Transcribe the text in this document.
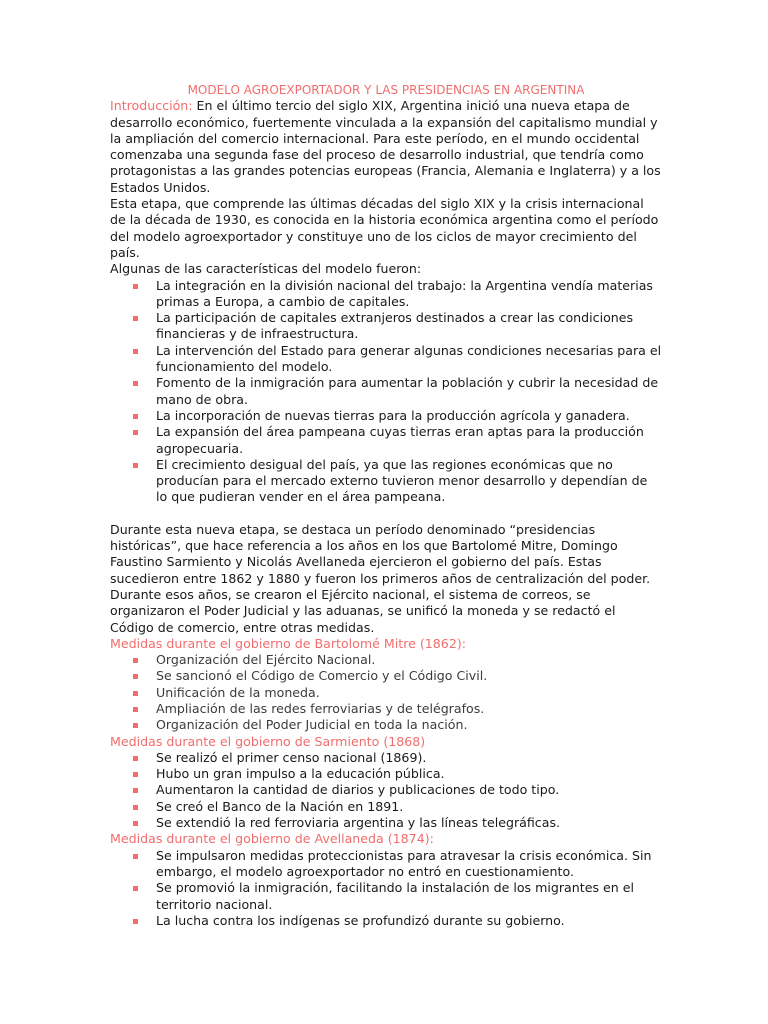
MODELO AGROEXPORTADOR Y LAS PRESIDENCIAS EN ARGENTINA

Introducción: En el último tercio del siglo XIX, Argentina inició una nueva etapa de desarrollo económico, fuertemente vinculada a la expansión del capitalismo mundial y la ampliación del comercio internacional. Para este período, en el mundo occidental comenzaba una segunda fase del proceso de desarrollo industrial, que tendría como protagonistas a las grandes potencias europeas (Francia, Alemania e Inglaterra) y a los Estados Unidos.

Esta etapa, que comprende las últimas décadas del siglo XIX y la crisis internacional de la década de 1930, es conocida en la historia económica argentina como el período del modelo agroexportador y constituye uno de los ciclos de mayor crecimiento del país.

Algunas de las características del modelo fueron:

La integración en la división nacional del trabajo: la Argentina vendía materias primas a Europa, a cambio de capitales.
La participación de capitales extranjeros destinados a crear las condiciones financieras y de infraestructura.
La intervención del Estado para generar algunas condiciones necesarias para el funcionamiento del modelo.
Fomento de la inmigración para aumentar la población y cubrir la necesidad de mano de obra.
La incorporación de nuevas tierras para la producción agrícola y ganadera.
La expansión del área pampeana cuyas tierras eran aptas para la producción agropecuaria.
El crecimiento desigual del país, ya que las regiones económicas que no producían para el mercado externo tuvieron menor desarrollo y dependían de lo que pudieran vender en el área pampeana.

Durante esta nueva etapa, se destaca un período denominado “presidencias históricas”, que hace referencia a los años en los que Bartolomé Mitre, Domingo Faustino Sarmiento y Nicolás Avellaneda ejercieron el gobierno del país. Estas sucedieron entre 1862 y 1880 y fueron los primeros años de centralización del poder. Durante esos años, se crearon el Ejército nacional, el sistema de correos, se organizaron el Poder Judicial y las aduanas, se unificó la moneda y se redactó el Código de comercio, entre otras medidas.

Medidas durante el gobierno de Bartolomé Mitre (1862):

Organización del Ejército Nacional.
Se sancionó el Código de Comercio y el Código Civil.
Unificación de la moneda.
Ampliación de las redes ferroviarias y de telégrafos.
Organización del Poder Judicial en toda la nación.

Medidas durante el gobierno de Sarmiento (1868)

Se realizó el primer censo nacional (1869).
Hubo un gran impulso a la educación pública.
Aumentaron la cantidad de diarios y publicaciones de todo tipo.
Se creó el Banco de la Nación en 1891.
Se extendió la red ferroviaria argentina y las líneas telegráficas.

Medidas durante el gobierno de Avellaneda (1874):

Se impulsaron medidas proteccionistas para atravesar la crisis económica. Sin embargo, el modelo agroexportador no entró en cuestionamiento.
Se promovió la inmigración, facilitando la instalación de los migrantes en el territorio nacional.
La lucha contra los indígenas se profundizó durante su gobierno.
